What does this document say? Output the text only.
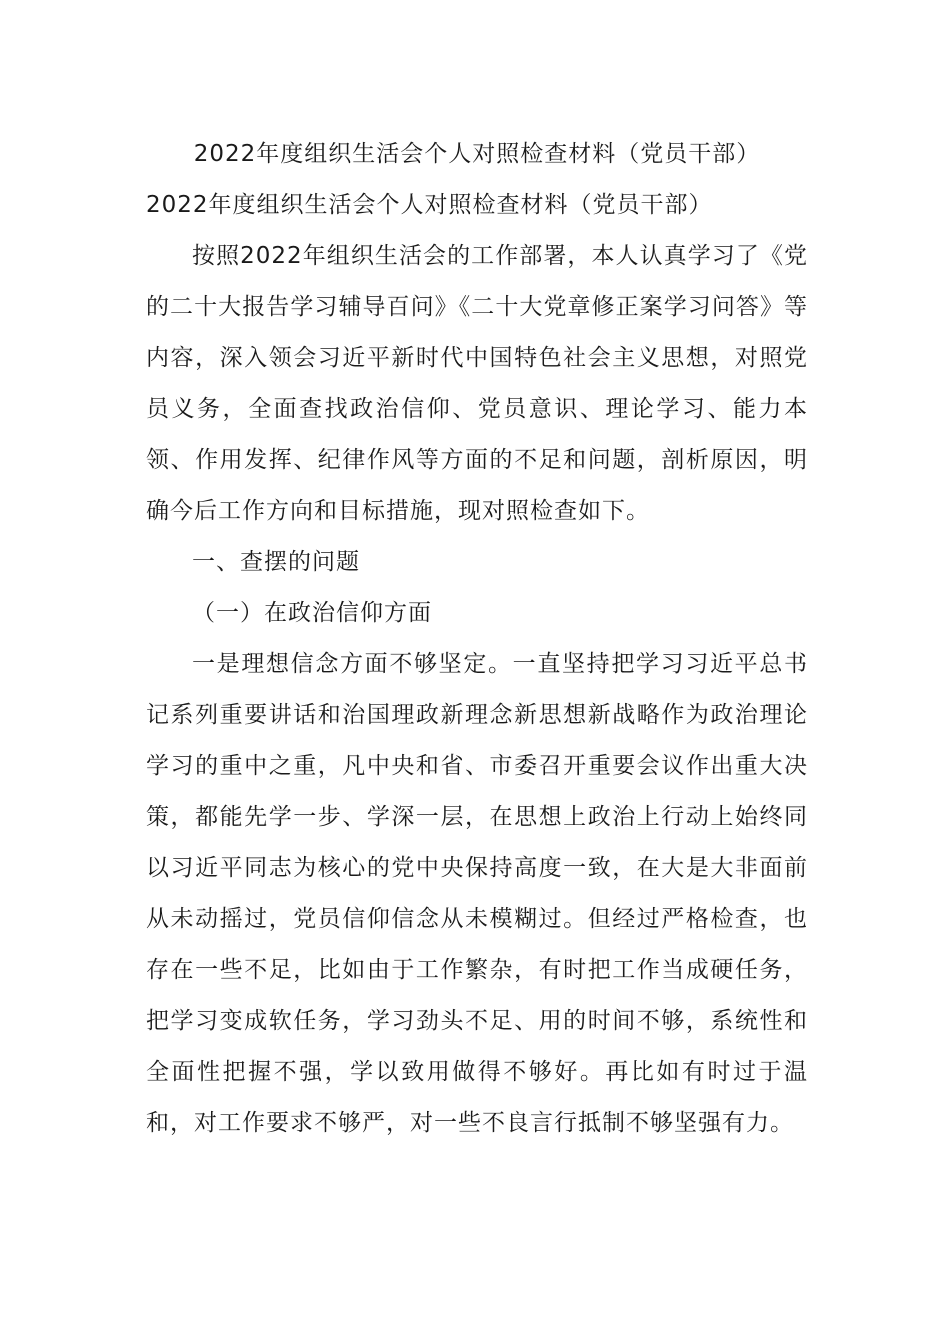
2022年度组织生活会个人对照检查材料（党员干部）

2022年度组织生活会个人对照检查材料（党员干部）

按照2022年组织生活会的工作部署，本人认真学习了《党的二十大报告学习辅导百问》《二十大党章修正案学习问答》等内容，深入领会习近平新时代中国特色社会主义思想，对照党员义务，全面查找政治信仰、党员意识、理论学习、能力本领、作用发挥、纪律作风等方面的不足和问题，剖析原因，明确今后工作方向和目标措施，现对照检查如下。

一、查摆的问题

（一）在政治信仰方面

一是理想信念方面不够坚定。一直坚持把学习习近平总书记系列重要讲话和治国理政新理念新思想新战略作为政治理论学习的重中之重，凡中央和省、市委召开重要会议作出重大决策，都能先学一步、学深一层，在思想上政治上行动上始终同以习近平同志为核心的党中央保持高度一致，在大是大非面前从未动摇过，党员信仰信念从未模糊过。但经过严格检查，也存在一些不足，比如由于工作繁杂，有时把工作当成硬任务，把学习变成软任务，学习劲头不足、用的时间不够，系统性和全面性把握不强，学以致用做得不够好。再比如有时过于温和，对工作要求不够严，对一些不良言行抵制不够坚强有力。
